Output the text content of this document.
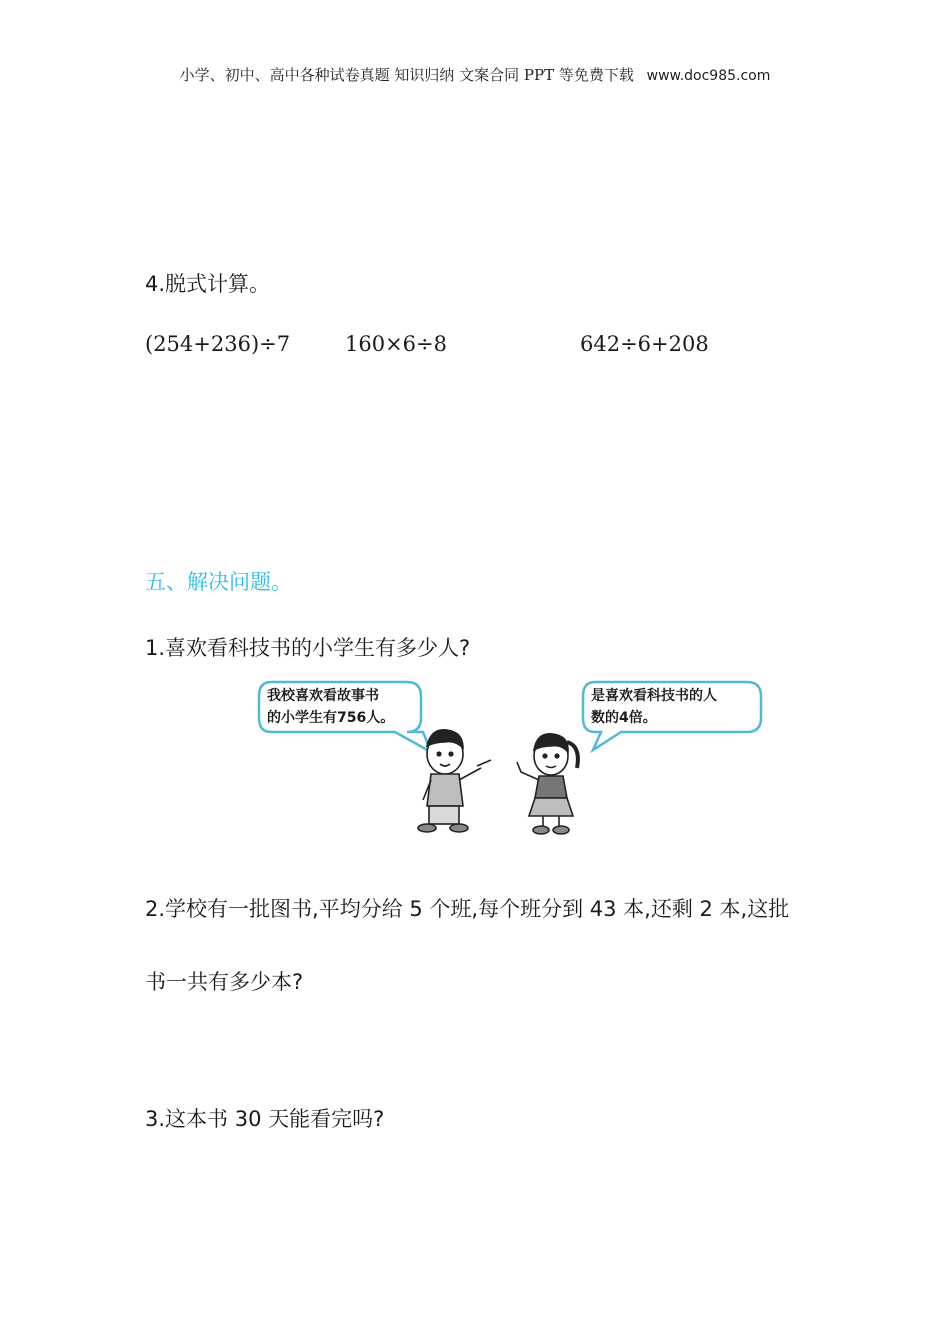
小学、初中、高中各种试卷真题 知识归纳 文案合同 PPT 等免费下载 www.doc985.com
4.脱式计算。
(254+236)÷7	160×6÷8	642÷6+208
五、解决问题。
1.喜欢看科技书的小学生有多少人?
我校喜欢看故事书
的小学生有756人。
是喜欢看科技书的人
数的4倍。
2.学校有一批图书,平均分给 5 个班,每个班分到 43 本,还剩 2 本,这批
书一共有多少本?
3.这本书 30 天能看完吗?
